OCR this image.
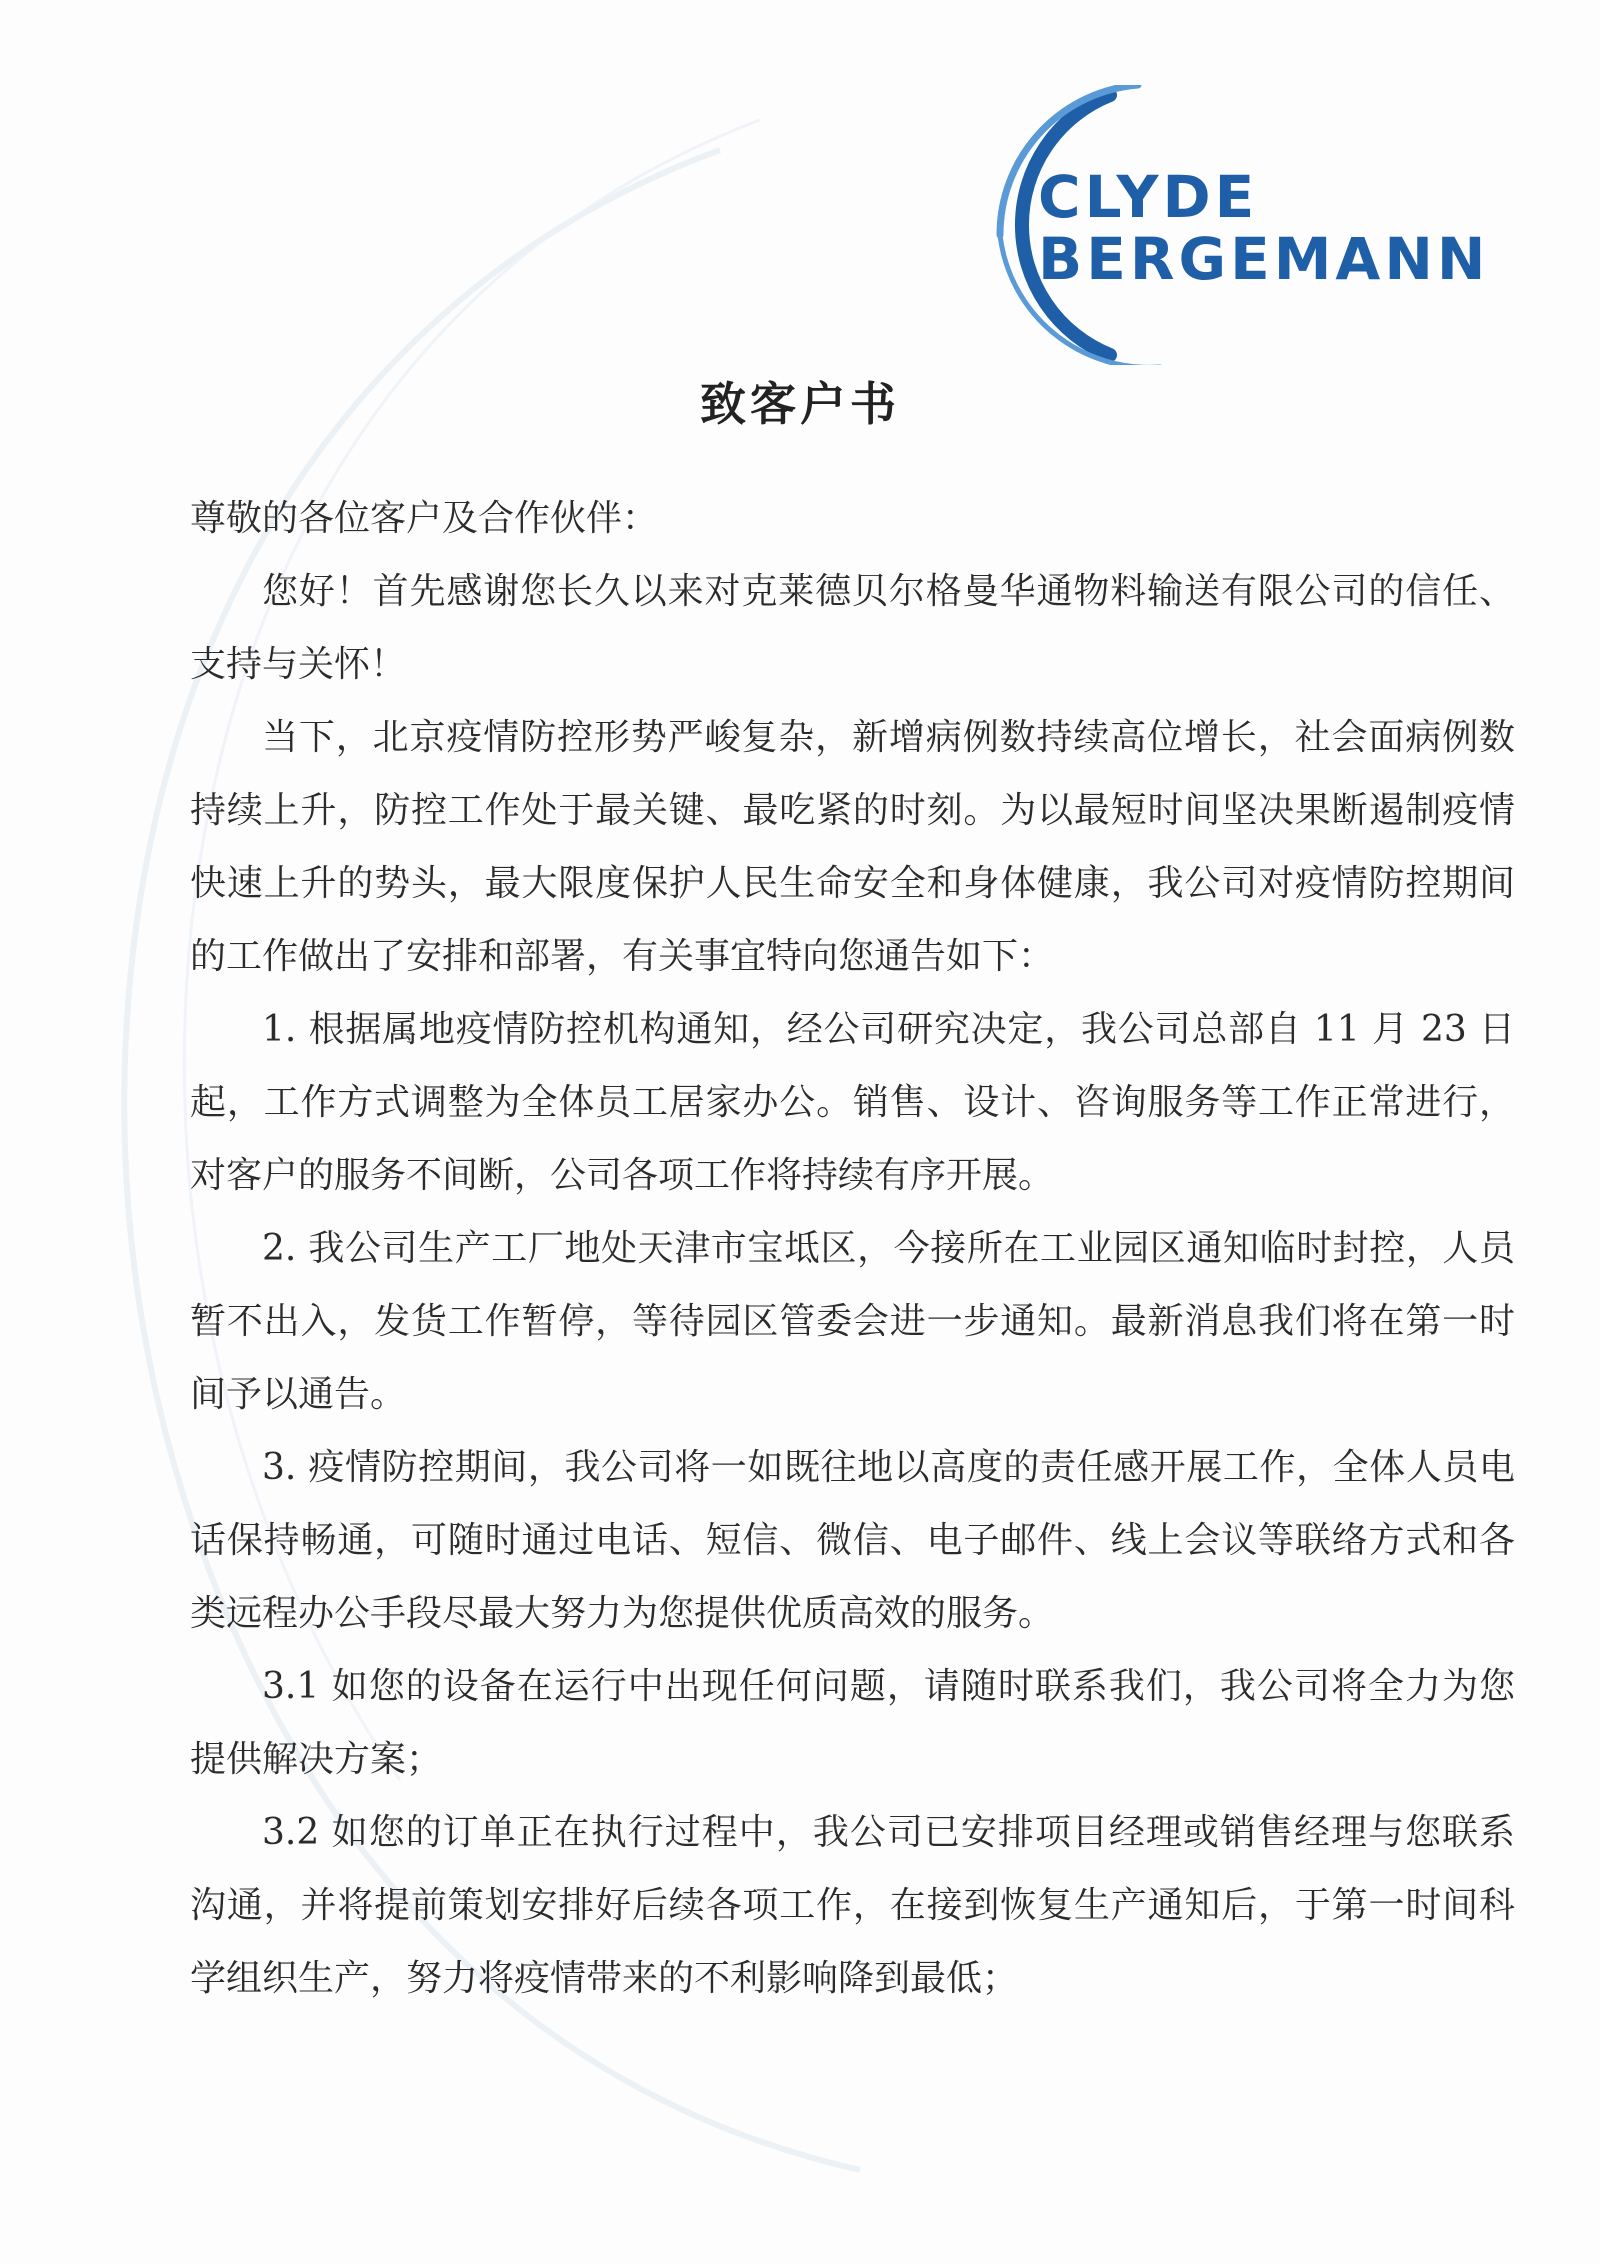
CLYDE
BERGEMANN
致客户书

尊敬的各位客户及合作伙伴：

您好！首先感谢您长久以来对克莱德贝尔格曼华通物料输送有限公司的信任、支持与关怀！

当下，北京疫情防控形势严峻复杂，新增病例数持续高位增长，社会面病例数持续上升，防控工作处于最关键、最吃紧的时刻。为以最短时间坚决果断遏制疫情快速上升的势头，最大限度保护人民生命安全和身体健康，我公司对疫情防控期间的工作做出了安排和部署，有关事宜特向您通告如下：

1. 根据属地疫情防控机构通知，经公司研究决定，我公司总部自 11 月 23 日起，工作方式调整为全体员工居家办公。销售、设计、咨询服务等工作正常进行，对客户的服务不间断，公司各项工作将持续有序开展。

2. 我公司生产工厂地处天津市宝坻区，今接所在工业园区通知临时封控，人员暂不出入，发货工作暂停，等待园区管委会进一步通知。最新消息我们将在第一时间予以通告。

3. 疫情防控期间，我公司将一如既往地以高度的责任感开展工作，全体人员电话保持畅通，可随时通过电话、短信、微信、电子邮件、线上会议等联络方式和各类远程办公手段尽最大努力为您提供优质高效的服务。

3.1 如您的设备在运行中出现任何问题，请随时联系我们，我公司将全力为您提供解决方案；

3.2 如您的订单正在执行过程中，我公司已安排项目经理或销售经理与您联系沟通，并将提前策划安排好后续各项工作，在接到恢复生产通知后，于第一时间科学组织生产，努力将疫情带来的不利影响降到最低；
